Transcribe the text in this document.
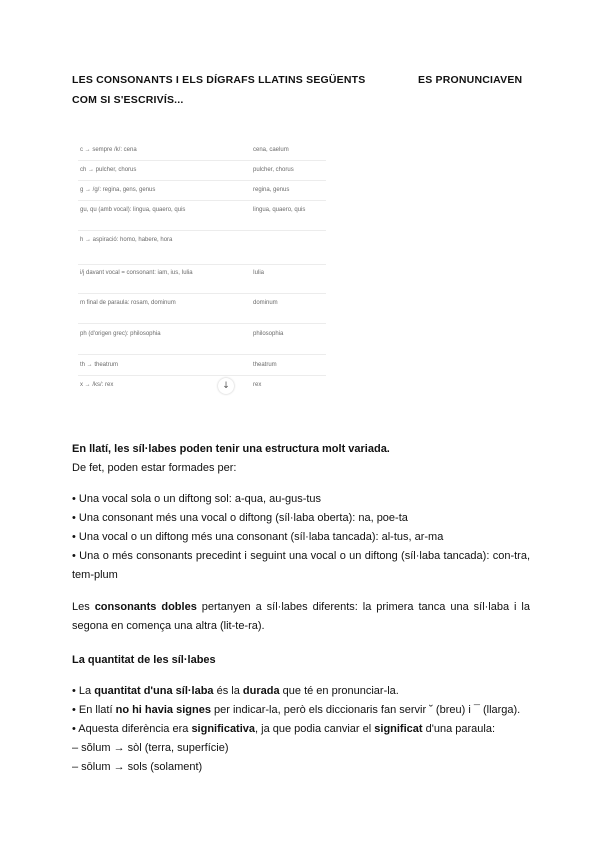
LES CONSONANTS I ELS DÍGRAFS LLATINS SEGÜENTS	ES PRONUNCIAVEN
COM SI S'ESCRIVÍS...
c → sempre /k/: cena	cena, caelum
ch → pulcher, chorus	pulcher, chorus
g → /g/: regina, gens, genus	regina, genus
gu, qu (amb vocal): lingua, quaero, quis	lingua, quaero, quis
h → aspiració: homo, habere, hora
i/j davant vocal = consonant: iam, ius, Iulia	Iulia
m final de paraula: rosam, dominum	dominum
ph (d'origen grec): philosophia	philosophia
th → theatrum	theatrum
x → /ks/: rex	rex
↓
En llatí, les síl·labes poden tenir una estructura molt variada.
De fet, poden estar formades per:
• Una vocal sola o un diftong sol: a-qua, au-gus-tus
• Una consonant més una vocal o diftong (síl·laba oberta): na, poe-ta
• Una vocal o un diftong més una consonant (síl·laba tancada): al-tus, ar-ma
• Una o més consonants precedint i seguint una vocal o un diftong (síl·laba tancada): con-tra, tem-plum
Les consonants dobles pertanyen a síl·labes diferents: la primera tanca una síl·laba i la segona en comença una altra (lit-te-ra).
La quantitat de les síl·labes
• La quantitat d'una síl·laba és la durada que té en pronunciar-la.
• En llatí no hi havia signes per indicar-la, però els diccionaris fan servir ˘ (breu) i ¯ (llarga).
• Aquesta diferència era significativa, ja que podia canviar el significat d'una paraula:
– sŏlum → sòl (terra, superfície)
– sōlum → sols (solament)
